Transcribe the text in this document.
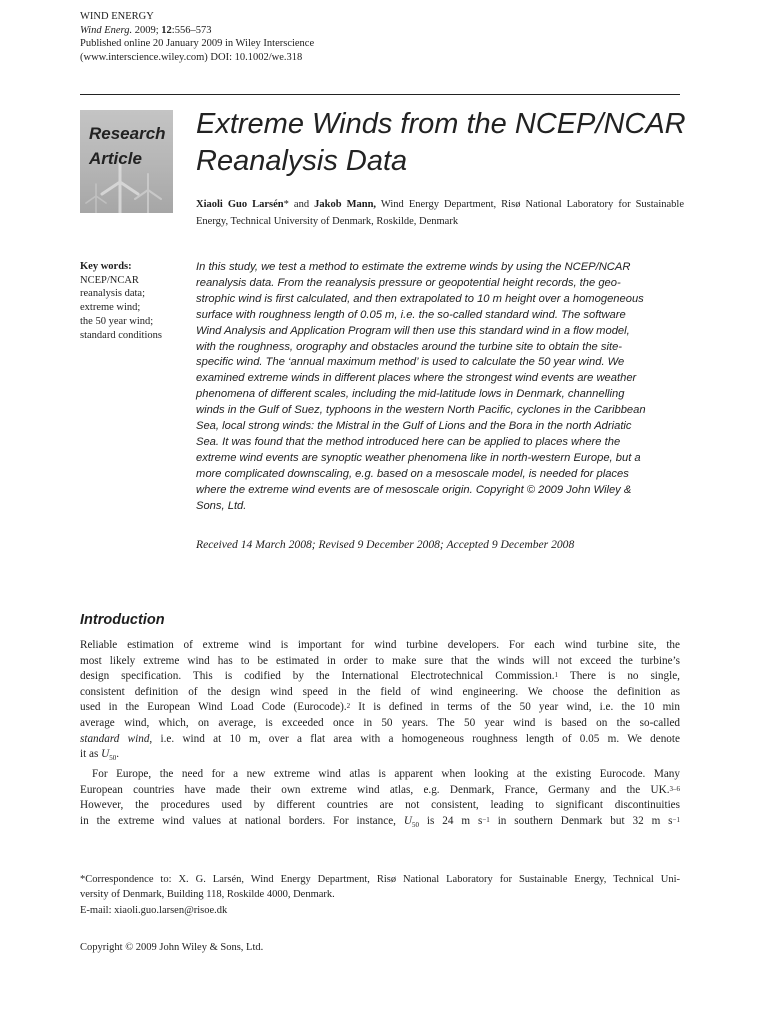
WIND ENERGY
Wind Energ. 2009; 12:556–573
Published online 20 January 2009 in Wiley Interscience
(www.interscience.wiley.com) DOI: 10.1002/we.318
Research
Article
Extreme Winds from the NCEP/NCAR
Reanalysis Data
Xiaoli Guo Larsén* and Jakob Mann, Wind Energy Department, Risø National Laboratory for Sustainable Energy, Technical University of Denmark, Roskilde, Denmark
Key words:
NCEP/NCAR
reanalysis data;
extreme wind;
the 50 year wind;
standard conditions
In this study, we test a method to estimate the extreme winds by using the NCEP/NCAR
reanalysis data. From the reanalysis pressure or geopotential height records, the geo-
strophic wind is first calculated, and then extrapolated to 10 m height over a homogeneous
surface with roughness length of 0.05 m, i.e. the so-called standard wind. The software
Wind Analysis and Application Program will then use this standard wind in a flow model,
with the roughness, orography and obstacles around the turbine site to obtain the site-
specific wind. The ‘annual maximum method’ is used to calculate the 50 year wind. We
examined extreme winds in different places where the strongest wind events are weather
phenomena of different scales, including the mid-latitude lows in Denmark, channelling
winds in the Gulf of Suez, typhoons in the western North Pacific, cyclones in the Caribbean
Sea, local strong winds: the Mistral in the Gulf of Lions and the Bora in the north Adriatic
Sea. It was found that the method introduced here can be applied to places where the
extreme wind events are synoptic weather phenomena like in north-western Europe, but a
more complicated downscaling, e.g. based on a mesoscale model, is needed for places
where the extreme wind events are of mesoscale origin. Copyright © 2009 John Wiley &
Sons, Ltd.
Received 14 March 2008; Revised 9 December 2008; Accepted 9 December 2008
Introduction
Reliable estimation of extreme wind is important for wind turbine developers. For each wind turbine site, the
most likely extreme wind has to be estimated in order to make sure that the winds will not exceed the turbine’s
design specification. This is codified by the International Electrotechnical Commission.$^1$ There is no single,
consistent definition of the design wind speed in the field of wind engineering. We choose the definition as
used in the European Wind Load Code (Eurocode).$^2$ It is defined in terms of the 50 year wind, i.e. the 10 min
average wind, which, on average, is exceeded once in 50 years. The 50 year wind is based on the so-called
standard wind, i.e. wind at 10 m, over a flat area with a homogeneous roughness length of 0.05 m. We denote
it as $U_{50}$.
For Europe, the need for a new extreme wind atlas is apparent when looking at the existing Eurocode. Many
European countries have made their own extreme wind atlas, e.g. Denmark, France, Germany and the UK.$^{3-6}$
However, the procedures used by different countries are not consistent, leading to significant discontinuities
in the extreme wind values at national borders. For instance, $U_{50}$ is 24 m $s^{-1}$ in southern Denmark but 32 m $s^{-1}$
*Correspondence to: X. G. Larsén, Wind Energy Department, Risø National Laboratory for Sustainable Energy, Technical Uni-
versity of Denmark, Building 118, Roskilde 4000, Denmark.
E-mail: xiaoli.guo.larsen@risoe.dk
Copyright © 2009 John Wiley & Sons, Ltd.
